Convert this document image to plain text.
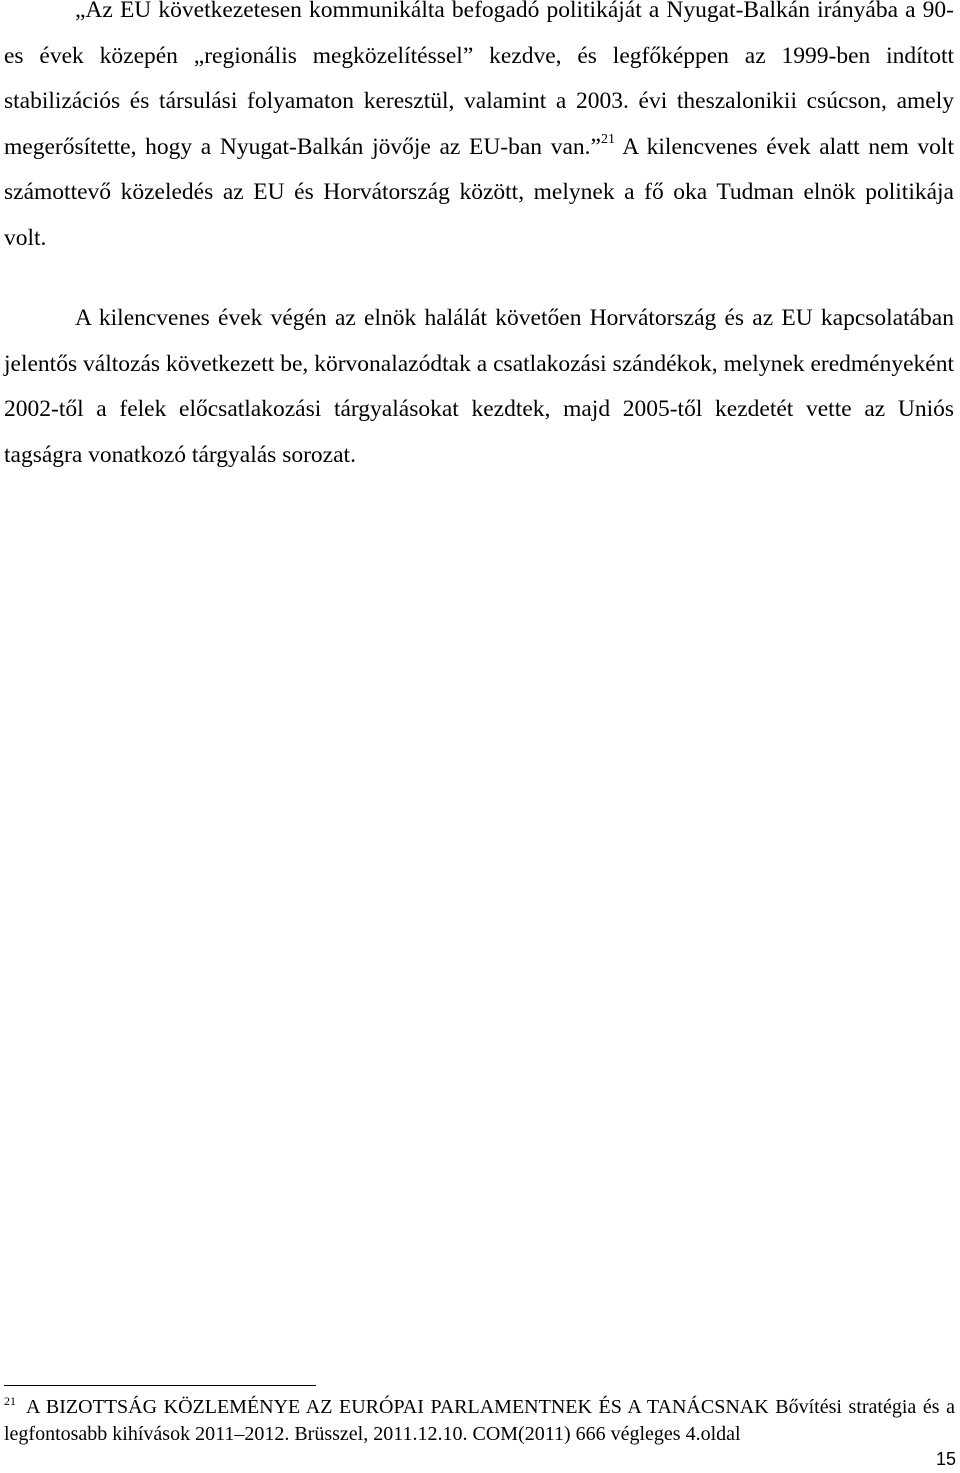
„Az EU következetesen kommunikálta befogadó politikáját a Nyugat-Balkán irányába a 90-es évek közepén „regionális megközelítéssel” kezdve, és legfőképpen az 1999-ben indított stabilizációs és társulási folyamaton keresztül, valamint a 2003. évi theszalonikii csúcson, amely megerősítette, hogy a Nyugat-Balkán jövője az EU-ban van.”$^{21}$ A kilencvenes évek alatt nem volt számottevő közeledés az EU és Horvátország között, melynek a fő oka Tudman elnök politikája volt.

A kilencvenes évek végén az elnök halálát követően Horvátország és az EU kapcsolatában jelentős változás következett be, körvonalazódtak a csatlakozási szándékok, melynek eredményeként 2002-től a felek előcsatlakozási tárgyalásokat kezdtek, majd 2005-től kezdetét vette az Uniós tagságra vonatkozó tárgyalás sorozat.

$^{21}$ A BIZOTTSÁG KÖZLEMÉNYE AZ EURÓPAI PARLAMENTNEK ÉS A TANÁCSNAK Bővítési stratégia és a legfontosabb kihívások 2011–2012. Brüsszel, 2011.12.10. COM(2011) 666 végleges 4.oldal

15
